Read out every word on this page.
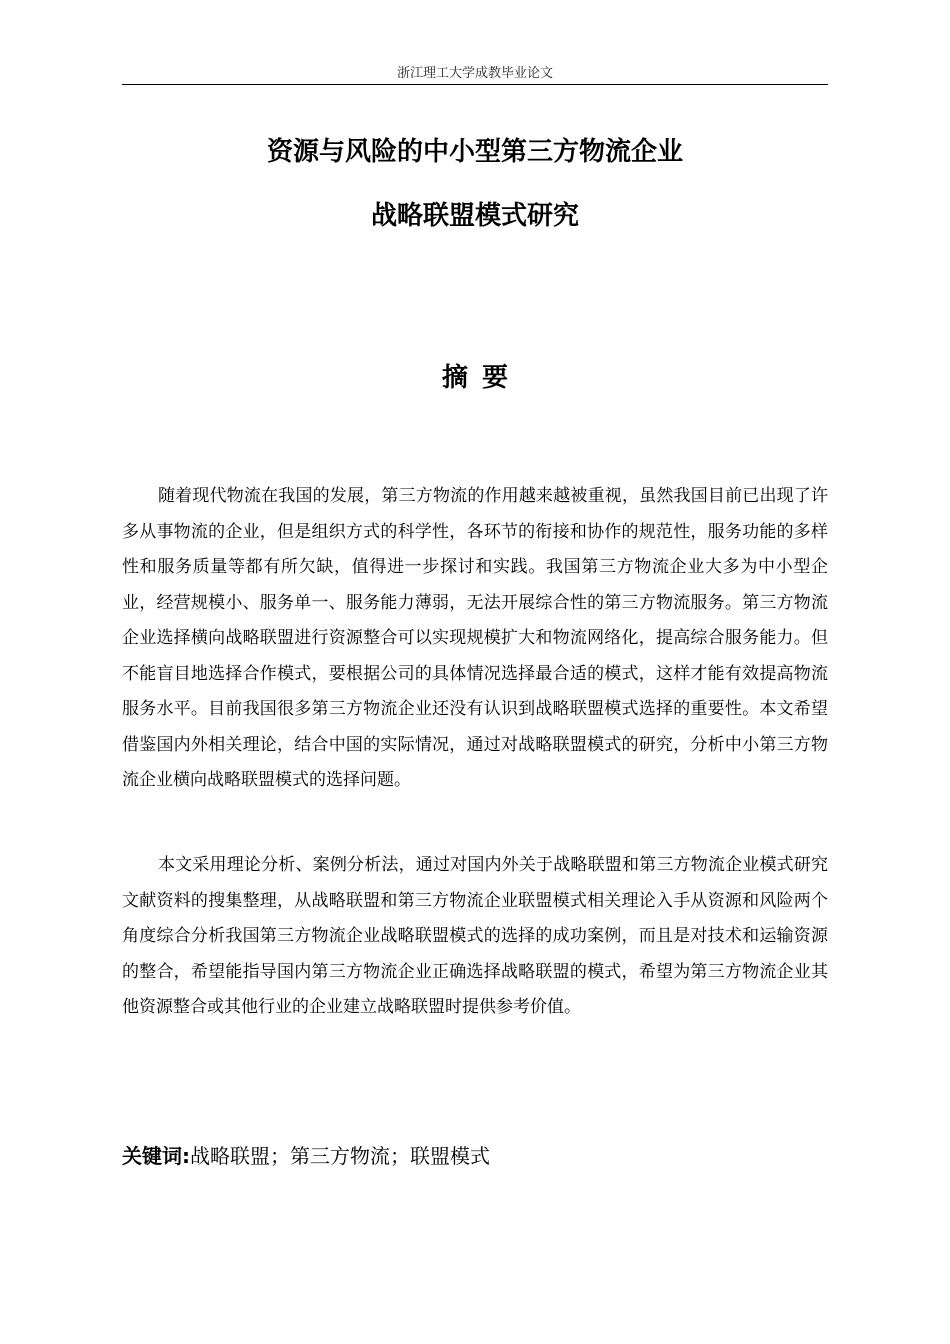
浙江理工大学成教毕业论文
资源与风险的中小型第三方物流企业
战略联盟模式研究
摘要

随着现代物流在我国的发展，第三方物流的作用越来越被重视，虽然我国目前已出现了许多从事物流的企业，但是组织方式的科学性，各环节的衔接和协作的规范性，服务功能的多样性和服务质量等都有所欠缺，值得进一步探讨和实践。我国第三方物流企业大多为中小型企业，经营规模小、服务单一、服务能力薄弱，无法开展综合性的第三方物流服务。第三方物流企业选择横向战略联盟进行资源整合可以实现规模扩大和物流网络化，提高综合服务能力。但不能盲目地选择合作模式，要根据公司的具体情况选择最合适的模式，这样才能有效提高物流服务水平。目前我国很多第三方物流企业还没有认识到战略联盟模式选择的重要性。本文希望借鉴国内外相关理论，结合中国的实际情况，通过对战略联盟模式的研究，分析中小第三方物流企业横向战略联盟模式的选择问题。

本文采用理论分析、案例分析法，通过对国内外关于战略联盟和第三方物流企业模式研究文献资料的搜集整理，从战略联盟和第三方物流企业联盟模式相关理论入手从资源和风险两个角度综合分析我国第三方物流企业战略联盟模式的选择的成功案例，而且是对技术和运输资源的整合，希望能指导国内第三方物流企业正确选择战略联盟的模式，希望为第三方物流企业其他资源整合或其他行业的企业建立战略联盟时提供参考价值。

关键词:战略联盟；第三方物流；联盟模式
